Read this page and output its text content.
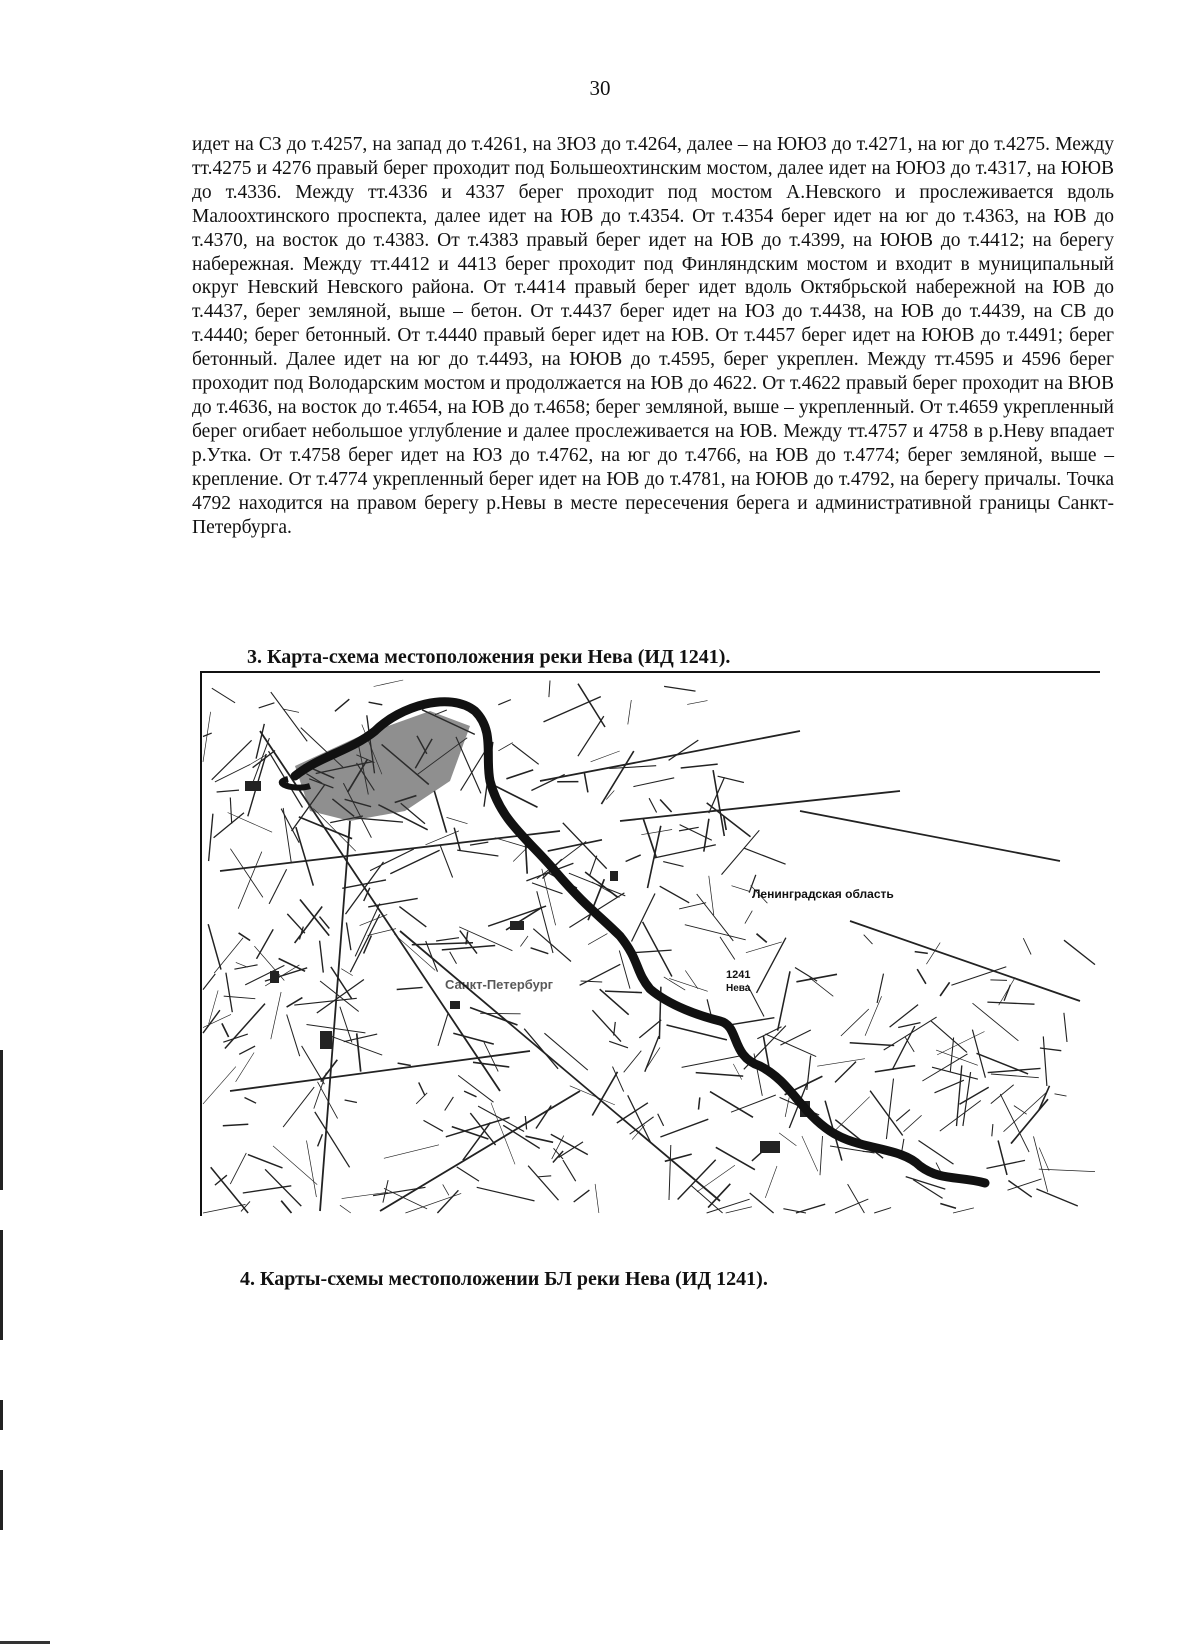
30

идет на СЗ до т.4257, на запад до т.4261, на ЗЮЗ до т.4264, далее – на ЮЮЗ до т.4271, на юг до т.4275. Между тт.4275 и 4276 правый берег проходит под Большеохтинским мостом, далее идет на ЮЮЗ до т.4317, на ЮЮВ до т.4336. Между тт.4336 и 4337 берег проходит под мостом А.Невского и прослеживается вдоль Малоохтинского проспекта, далее идет на ЮВ до т.4354. От т.4354 берег идет на юг до т.4363, на ЮВ до т.4370, на восток до т.4383. От т.4383 правый берег идет на ЮВ до т.4399, на ЮЮВ до т.4412; на берегу набережная. Между тт.4412 и 4413 берег проходит под Финляндским мостом и входит в муниципальный округ Невский Невского района. От т.4414 правый берег идет вдоль Октябрьской набережной на ЮВ до т.4437, берег земляной, выше – бетон. От т.4437 берег идет на ЮЗ до т.4438, на ЮВ до т.4439, на СВ до т.4440; берег бетонный. От т.4440 правый берег идет на ЮВ. От т.4457 берег идет на ЮЮВ до т.4491; берег бетонный. Далее идет на юг до т.4493, на ЮЮВ до т.4595, берег укреплен. Между тт.4595 и 4596 берег проходит под Володарским мостом и продолжается на ЮВ до 4622. От т.4622 правый берег проходит на ВЮВ до т.4636, на восток до т.4654, на ЮВ до т.4658; берег земляной, выше – укрепленный. От т.4659 укрепленный берег огибает небольшое углубление и далее прослеживается на ЮВ. Между тт.4757 и 4758 в р.Неву впадает р.Утка. От т.4758 берег идет на ЮЗ до т.4762, на юг до т.4766, на ЮВ до т.4774; берег земляной, выше – крепление. От т.4774 укрепленный берег идет на ЮВ до т.4781, на ЮЮВ до т.4792, на берегу причалы. Точка 4792 находится на правом берегу р.Невы в месте пересечения берега и административной границы Санкт-Петербурга.

3. Карта-схема местоположения реки Нева (ИД 1241).
Ленинградская область
Санкт-Петербург
1241
Нева
4. Карты-схемы местоположении БЛ реки Нева (ИД 1241).
